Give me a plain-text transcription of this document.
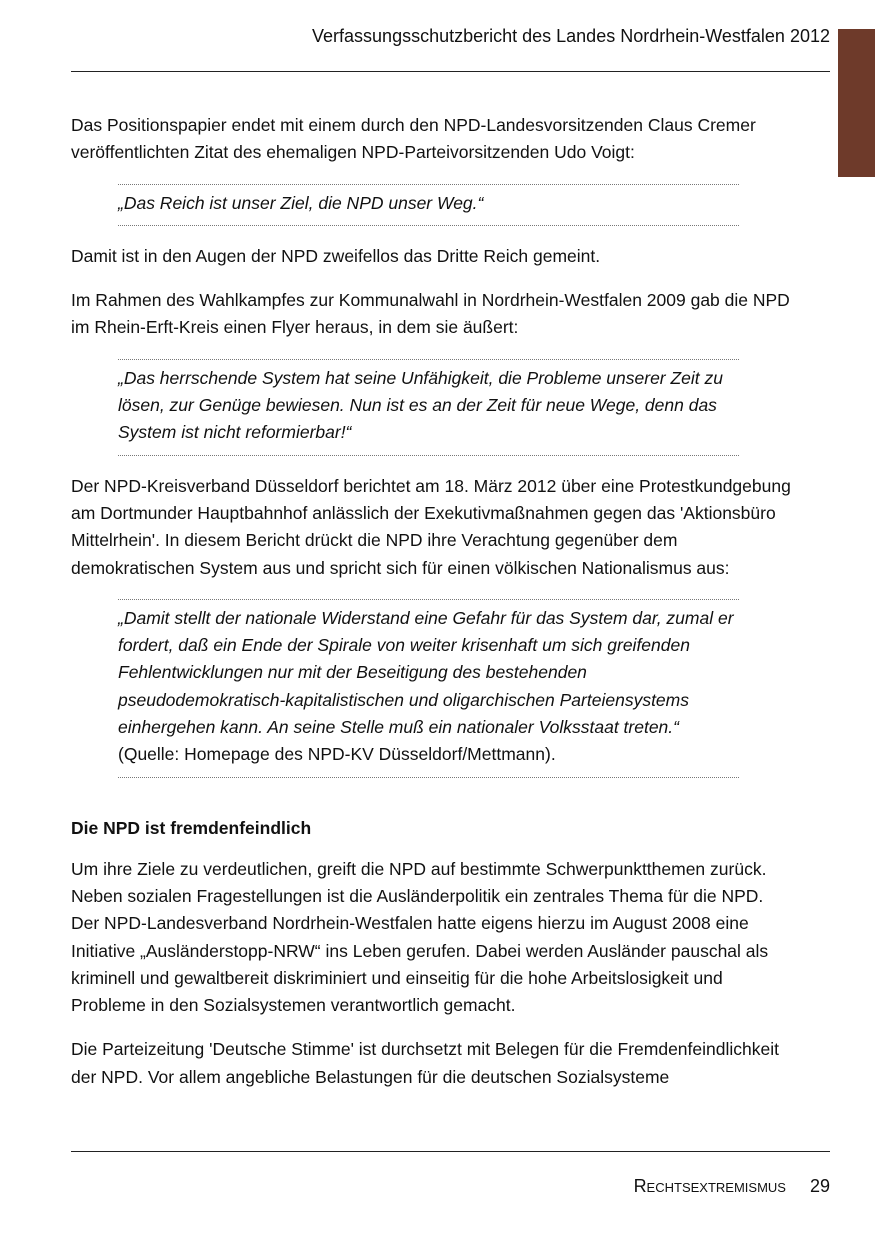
Verfassungsschutzbericht des Landes Nordrhein-Westfalen 2012

Das Positionspapier endet mit einem durch den NPD-Landesvorsitzenden Claus Cremer veröffentlichten Zitat des ehemaligen NPD-Parteivorsitzenden Udo Voigt:

„Das Reich ist unser Ziel, die NPD unser Weg.“

Damit ist in den Augen der NPD zweifellos das Dritte Reich gemeint.

Im Rahmen des Wahlkampfes zur Kommunalwahl in Nordrhein-Westfalen 2009 gab die NPD im Rhein-Erft-Kreis einen Flyer heraus, in dem sie äußert:

„Das herrschende System hat seine Unfähigkeit, die Probleme unserer Zeit zu lösen, zur Genüge bewiesen. Nun ist es an der Zeit für neue Wege, denn das System ist nicht reformierbar!“

Der NPD-Kreisverband Düsseldorf berichtet am 18. März 2012 über eine Protestkundgebung am Dortmunder Hauptbahnhof anlässlich der Exekutivmaßnahmen gegen das 'Aktionsbüro Mittelrhein'. In diesem Bericht drückt die NPD ihre Verachtung gegenüber dem demokratischen System aus und spricht sich für einen völkischen Nationalismus aus:

„Damit stellt der nationale Widerstand eine Gefahr für das System dar, zumal er fordert, daß ein Ende der Spirale von weiter krisenhaft um sich greifenden Fehlentwicklungen nur mit der Beseitigung des bestehenden pseudodemokratisch-kapitalistischen und oligarchischen Parteiensystems einhergehen kann. An seine Stelle muß ein nationaler Volksstaat treten.“
(Quelle: Homepage des NPD-KV Düsseldorf/Mettmann).
Die NPD ist fremdenfeindlich

Um ihre Ziele zu verdeutlichen, greift die NPD auf bestimmte Schwerpunktthemen zurück. Neben sozialen Fragestellungen ist die Ausländerpolitik ein zentrales Thema für die NPD. Der NPD-Landesverband Nordrhein-Westfalen hatte eigens hierzu im August 2008 eine Initiative „Ausländerstopp-NRW“ ins Leben gerufen. Dabei werden Ausländer pauschal als kriminell und gewaltbereit diskriminiert und einseitig für die hohe Arbeitslosigkeit und Probleme in den Sozialsystemen verantwortlich gemacht.

Die Parteizeitung 'Deutsche Stimme' ist durchsetzt mit Belegen für die Fremdenfeindlichkeit der NPD. Vor allem angebliche Belastungen für die deutschen Sozialsysteme

Rechtsextremismus 29
